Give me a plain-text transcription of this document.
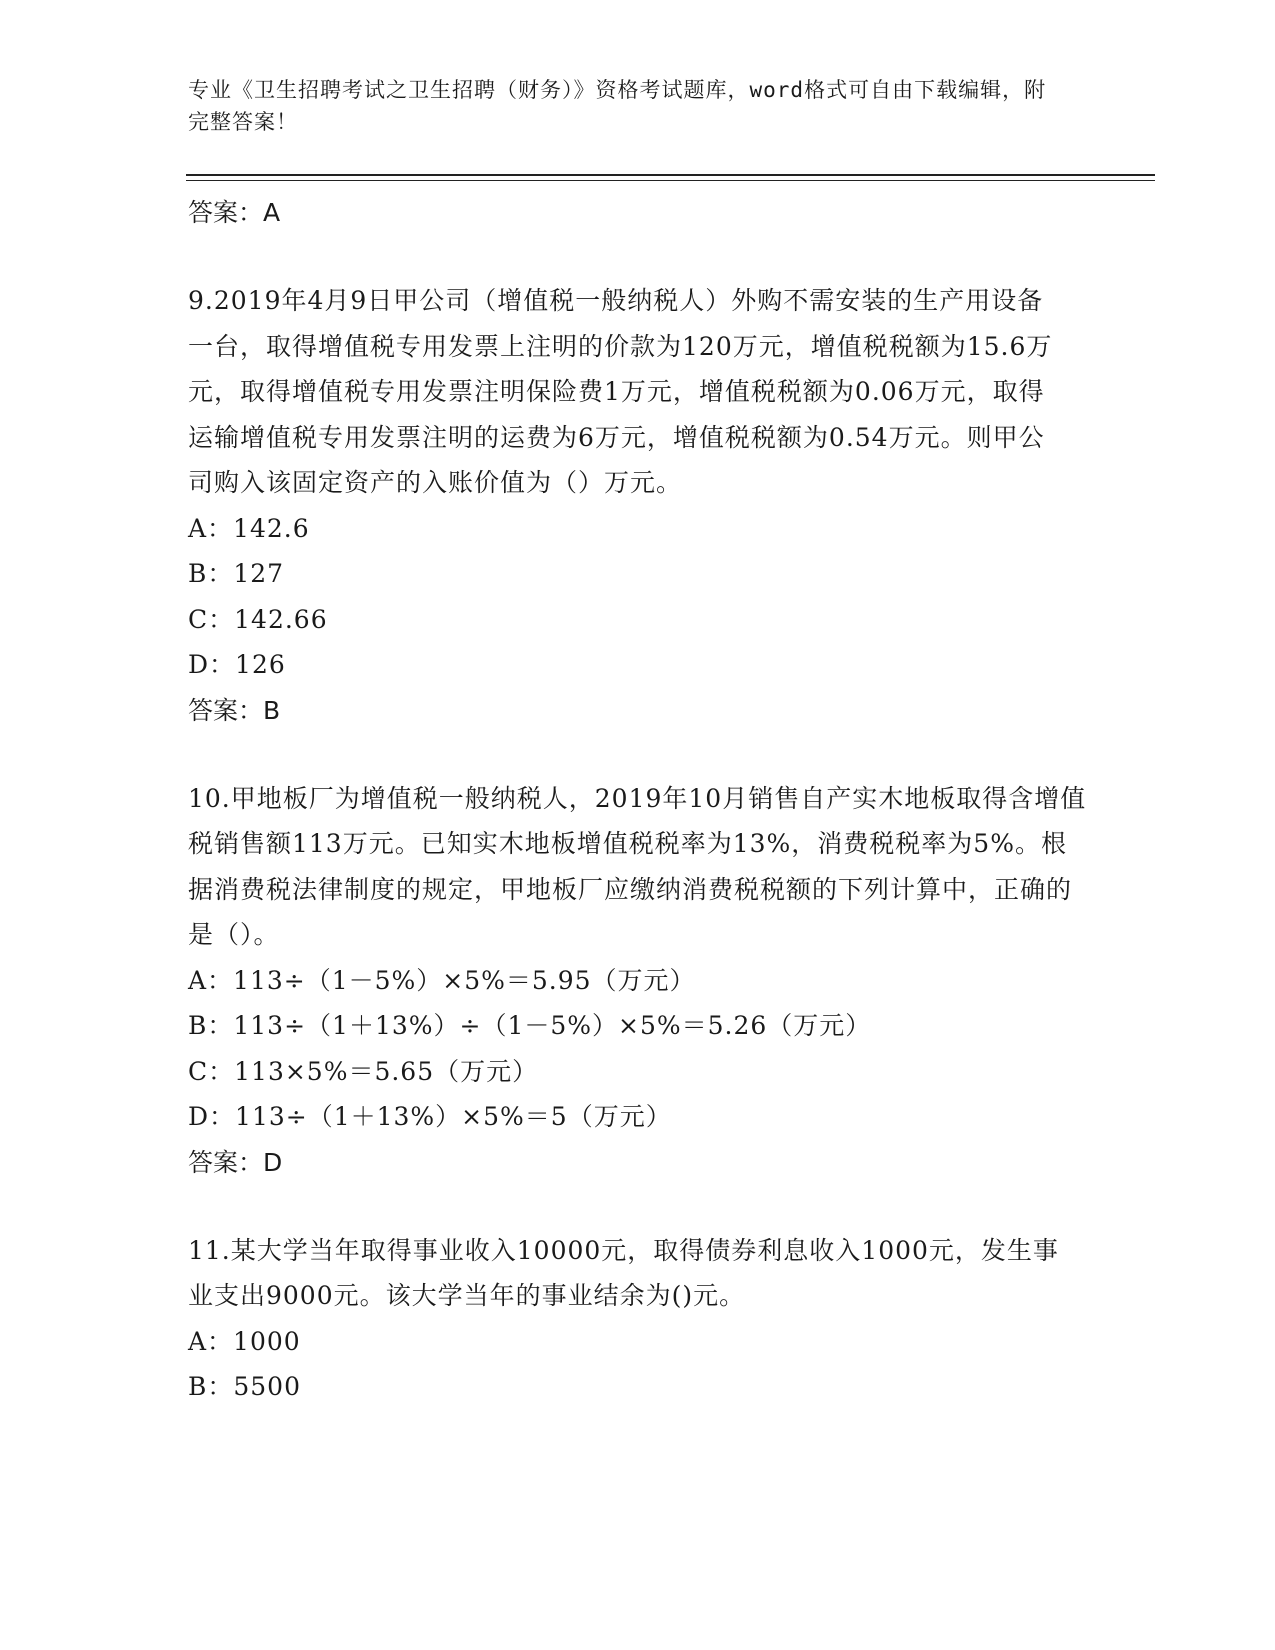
专业《卫生招聘考试之卫生招聘（财务）》资格考试题库，word格式可自由下载编辑，附完整答案！

答案：A

9.2019年4月9日甲公司（增值税一般纳税人）外购不需安装的生产用设备一台，取得增值税专用发票上注明的价款为120万元，增值税税额为15.6万元，取得增值税专用发票注明保险费1万元，增值税税额为0.06万元，取得运输增值税专用发票注明的运费为6万元，增值税税额为0.54万元。则甲公司购入该固定资产的入账价值为（）万元。

A：142.6

B：127

C：142.66

D：126

答案：B

10.甲地板厂为增值税一般纳税人，2019年10月销售自产实木地板取得含增值税销售额113万元。已知实木地板增值税税率为13%，消费税税率为5%。根据消费税法律制度的规定，甲地板厂应缴纳消费税税额的下列计算中，正确的是（）。

A：113÷（1－5%）×5%＝5.95（万元）

B：113÷（1＋13%）÷（1－5%）×5%＝5.26（万元）

C：113×5%＝5.65（万元）

D：113÷（1＋13%）×5%＝5（万元）

答案：D

11.某大学当年取得事业收入10000元，取得债券利息收入1000元，发生事业支出9000元。该大学当年的事业结余为()元。

A：1000

B：5500
